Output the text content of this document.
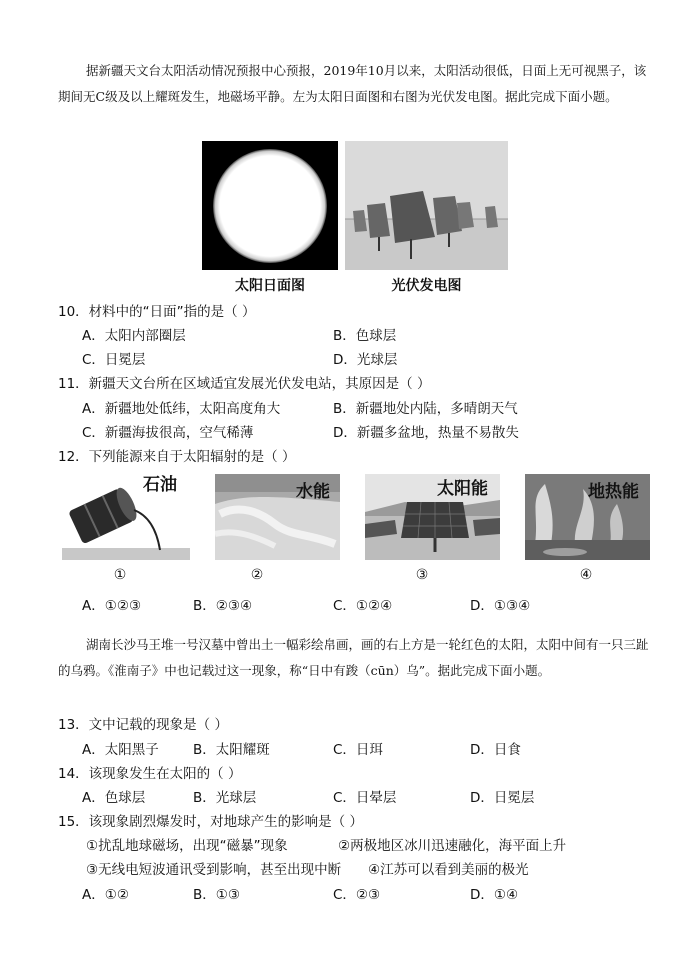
据新疆天文台太阳活动情况预报中心预报，2019年10月以来，太阳活动很低，日面上无可视黑子，该期间无C级及以上耀斑发生，地磁场平静。左为太阳日面图和右图为光伏发电图。据此完成下面小题。
太阳日面图	光伏发电图
10．材料中的“日面”指的是（ ）
A．太阳内部圈层	B．色球层
C．日冕层	D．光球层
11．新疆天文台所在区域适宜发展光伏发电站，其原因是（ ）
A．新疆地处低纬，太阳高度角大	B．新疆地处内陆，多晴朗天气
C．新疆海拔很高，空气稀薄	D．新疆多盆地，热量不易散失
12．下列能源来自于太阳辐射的是（ ）
石油	水能	太阳能	地热能
①	②	③	④
A．①②③	B．②③④	C．①②④	D．①③④
湖南长沙马王堆一号汉墓中曾出土一幅彩绘帛画，画的右上方是一轮红色的太阳，太阳中间有一只三趾的乌鸦。《淮南子》中也记载过这一现象，称“日中有踆（cūn）乌”。据此完成下面小题。
13．文中记载的现象是（ ）
A．太阳黑子	B．太阳耀斑	C．日珥	D．日食
14．该现象发生在太阳的（ ）
A．色球层	B．光球层	C．日晕层	D．日冕层
15．该现象剧烈爆发时，对地球产生的影响是（ ）
①扰乱地球磁场，出现“磁暴”现象	②两极地区冰川迅速融化，海平面上升
③无线电短波通讯受到影响，甚至出现中断 ④江苏可以看到美丽的极光
A．①②	B．①③	C．②③	D．①④
